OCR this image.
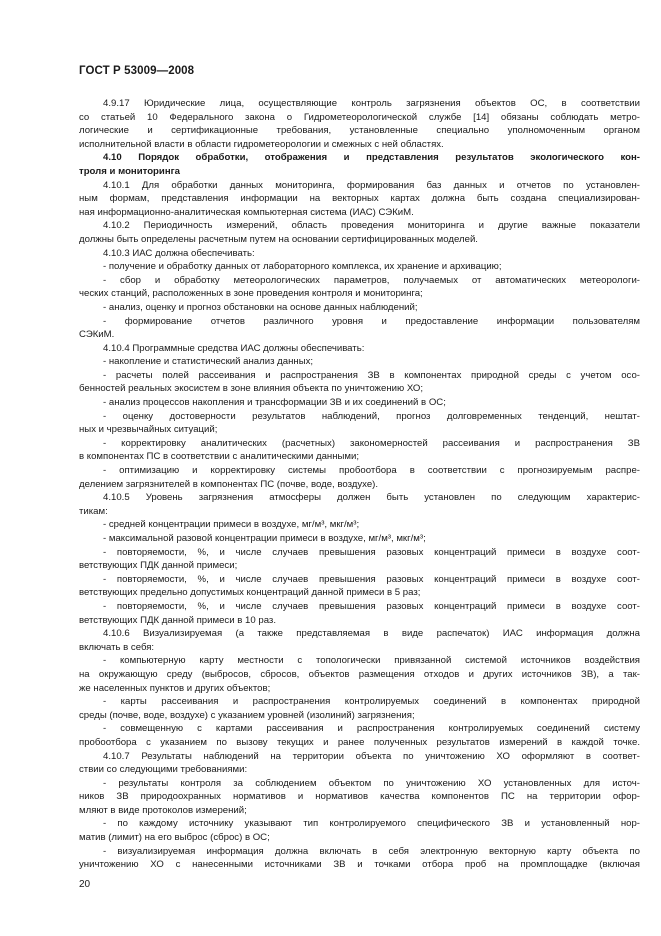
ГОСТ Р 53009—2008
4.9.17 Юридические лица, осуществляющие контроль загрязнения объектов ОС, в соответствии
со статьей 10 Федерального закона о Гидрометеорологической службе [14] обязаны соблюдать метро-
логические и сертификационные требования, установленные специально уполномоченным органом
исполнительной власти в области гидрометеорологии и смежных с ней областях.
4.10 Порядок обработки, отображения и представления результатов экологического кон-
троля и мониторинга
4.10.1 Для обработки данных мониторинга, формирования баз данных и отчетов по установлен-
ным формам, представления информации на векторных картах должна быть создана специализирован-
ная информационно-аналитическая компьютерная система (ИАС) СЭКиМ.
4.10.2 Периодичность измерений, область проведения мониторинга и другие важные показатели
должны быть определены расчетным путем на основании сертифицированных моделей.
4.10.3 ИАС должна обеспечивать:
- получение и обработку данных от лабораторного комплекса, их хранение и архивацию;
- сбор и обработку метеорологических параметров, получаемых от автоматических метеорологи-
ческих станций, расположенных в зоне проведения контроля и мониторинга;
- анализ, оценку и прогноз обстановки на основе данных наблюдений;
- формирование отчетов различного уровня и предоставление информации пользователям
СЭКиМ.
4.10.4 Программные средства ИАС должны обеспечивать:
- накопление и статистический анализ данных;
- расчеты полей рассеивания и распространения ЗВ в компонентах природной среды с учетом осо-
бенностей реальных экосистем в зоне влияния объекта по уничтожению ХО;
- анализ процессов накопления и трансформации ЗВ и их соединений в ОС;
- оценку достоверности результатов наблюдений, прогноз долговременных тенденций, нештат-
ных и чрезвычайных ситуаций;
- корректировку аналитических (расчетных) закономерностей рассеивания и распространения ЗВ
в компонентах ПС в соответствии с аналитическими данными;
- оптимизацию и корректировку системы пробоотбора в соответствии с прогнозируемым распре-
делением загрязнителей в компонентах ПС (почве, воде, воздухе).
4.10.5 Уровень загрязнения атмосферы должен быть установлен по следующим характерис-
тикам:
- средней концентрации примеси в воздухе, мг/м³, мкг/м³;
- максимальной разовой концентрации примеси в воздухе, мг/м³, мкг/м³;
- повторяемости, %, и числе случаев превышения разовых концентраций примеси в воздухе соот-
ветствующих ПДК данной примеси;
- повторяемости, %, и числе случаев превышения разовых концентраций примеси в воздухе соот-
ветствующих предельно допустимых концентраций данной примеси в 5 раз;
- повторяемости, %, и числе случаев превышения разовых концентраций примеси в воздухе соот-
ветствующих ПДК данной примеси в 10 раз.
4.10.6 Визуализируемая (а также представляемая в виде распечаток) ИАС информация должна
включать в себя:
- компьютерную карту местности с топологически привязанной системой источников воздействия
на окружающую среду (выбросов, сбросов, объектов размещения отходов и других источников ЗВ), а так-
же населенных пунктов и других объектов;
- карты рассеивания и распространения контролируемых соединений в компонентах природной
среды (почве, воде, воздухе) с указанием уровней (изолиний) загрязнения;
- совмещенную с картами рассеивания и распространения контролируемых соединений систему
пробоотбора с указанием по вызову текущих и ранее полученных результатов измерений в каждой точке.
4.10.7 Результаты наблюдений на территории объекта по уничтожению ХО оформляют в соответ-
ствии со следующими требованиями:
- результаты контроля за соблюдением объектом по уничтожению ХО установленных для источ-
ников ЗВ природоохранных нормативов и нормативов качества компонентов ПС на территории офор-
мляют в виде протоколов измерений;
- по каждому источнику указывают тип контролируемого специфического ЗВ и установленный нор-
матив (лимит) на его выброс (сброс) в ОС;
- визуализируемая информация должна включать в себя электронную векторную карту объекта по
уничтожению ХО с нанесенными источниками ЗВ и точками отбора проб на промплощадке (включая
20
